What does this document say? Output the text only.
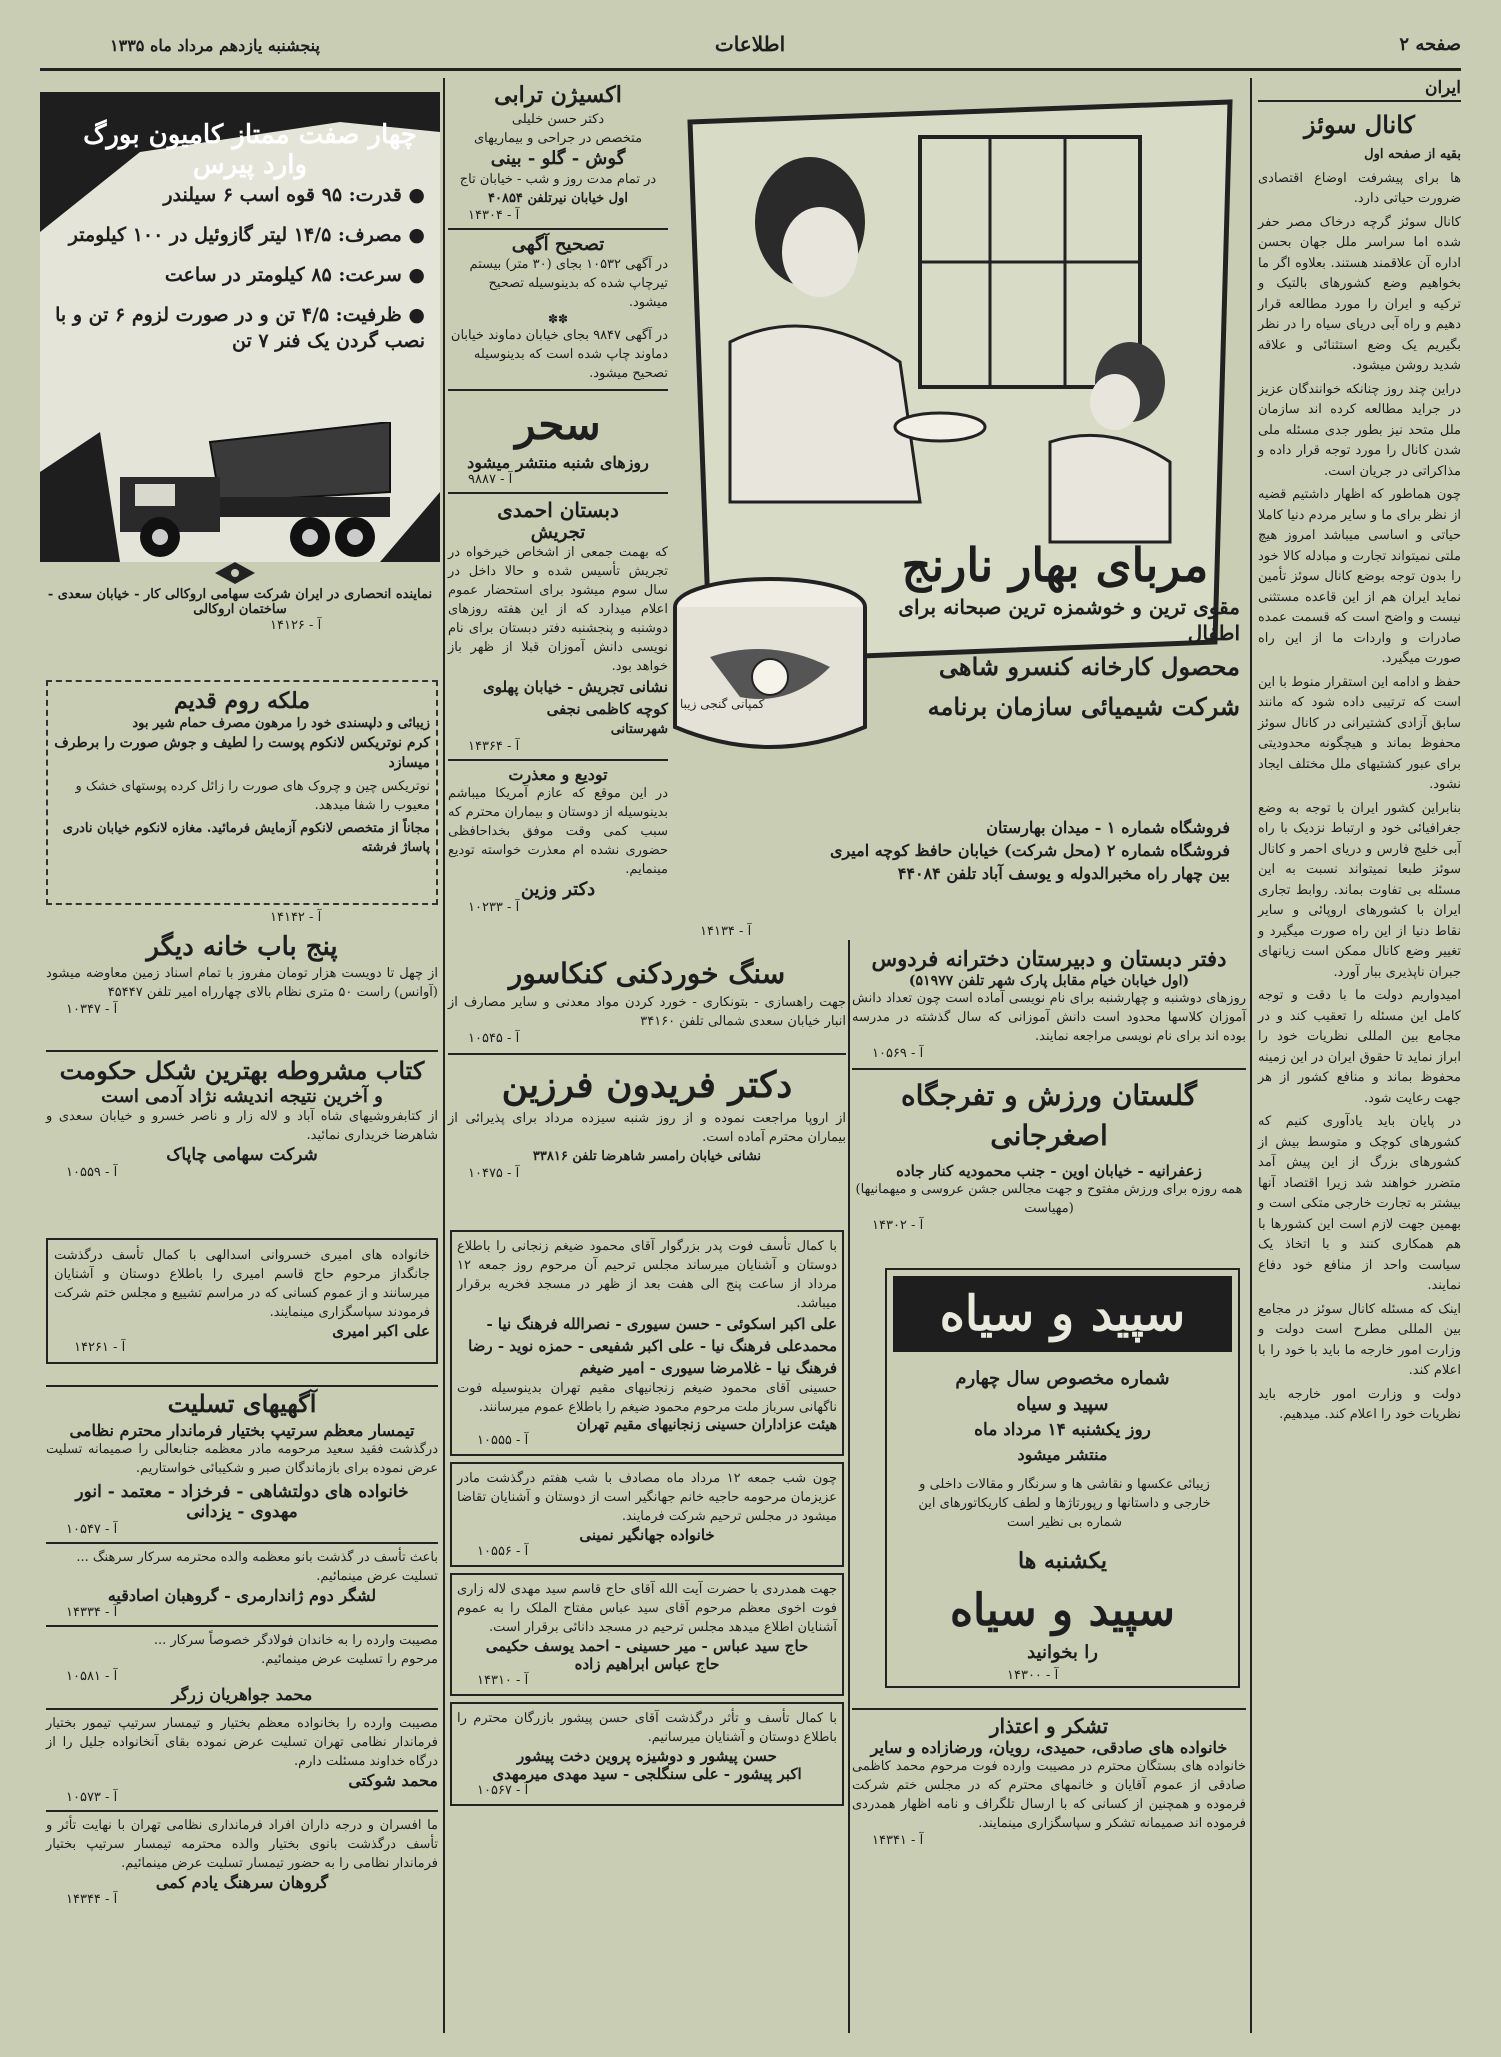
صفحه ۲
اطلاعات
پنجشنبه یازدهم مرداد ماه ۱۳۳۵
ایران
کانال سوئز

بقیه از صفحه اول

ها برای پیشرفت اوضاع اقتصادی ضرورت حیاتی دارد.

کانال سوئز گرچه درخاک مصر حفر شده اما سراسر ملل جهان بحسن اداره آن علاقمند هستند. بعلاوه اگر ما بخواهیم وضع کشورهای بالتیک و ترکیه و ایران را مورد مطالعه قرار دهیم و راه آبی دریای سیاه را در نظر بگیریم یک وضع استثنائی و علاقه شدید روشن میشود.

دراین چند روز چنانکه خوانندگان عزیز در جراید مطالعه کرده اند سازمان ملل متحد نیز بطور جدی مسئله ملی شدن کانال را مورد توجه قرار داده و مذاکراتی در جریان است.

چون هماطور که اظهار داشتیم قضیه از نظر برای ما و سایر مردم دنیا کاملا حیاتی و اساسی میباشد امروز هیچ ملتی نمیتواند تجارت و مبادله کالا خود را بدون توجه بوضع کانال سوئز تأمین نماید ایران هم از این قاعده مستثنی نیست و واضح است که قسمت عمده صادرات و واردات ما از این راه صورت میگیرد.

حفظ و ادامه این استقرار منوط با این است که ترتیبی داده شود که مانند سابق آزادی کشتیرانی در کانال سوئز محفوظ بماند و هیچگونه محدودیتی برای عبور کشتیهای ملل مختلف ایجاد نشود.

بنابراین کشور ایران با توجه به وضع جغرافیائی خود و ارتباط نزدیک با راه آبی خلیج فارس و دریای احمر و کانال سوئز طبعا نمیتواند نسبت به این مسئله بی تفاوت بماند. روابط تجاری ایران با کشورهای اروپائی و سایر نقاط دنیا از این راه صورت میگیرد و تغییر وضع کانال ممکن است زیانهای جبران ناپذیری ببار آورد.

امیدواریم دولت ما با دقت و توجه کامل این مسئله را تعقیب کند و در مجامع بین المللی نظریات خود را ابراز نماید تا حقوق ایران در این زمینه محفوظ بماند و منافع کشور از هر جهت رعایت شود.

در پایان باید یادآوری کنیم که کشورهای کوچک و متوسط بیش از کشورهای بزرگ از این پیش آمد متضرر خواهند شد زیرا اقتصاد آنها بیشتر به تجارت خارجی متکی است و بهمین جهت لازم است این کشورها با هم همکاری کنند و با اتخاذ یک سیاست واحد از منافع خود دفاع نمایند.

اینک که مسئله کانال سوئز در مجامع بین المللی مطرح است دولت و وزارت امور خارجه ما باید با خود را با اعلام کند.

دولت و وزارت امور خارجه باید نظریات خود را اعلام کند. میدهیم.

مربای بهار نارنج
کمپانی گنجی زیبا
مقوی ترین و خوشمزه ترین صبحانه برای اطفال
محصول کارخانه کنسرو شاهی
شرکت شیمیائی سازمان برنامه
فروشگاه شماره ۱ - میدان بهارستان
فروشگاه شماره ۲ (محل شرکت) خیابان حافظ کوچه امیری
بین چهار راه مخبرالدوله و یوسف آباد تلفن ۴۴۰۸۴
آ - ۱۴۱۳۴
اکسیژن ترابی
دکتر حسن خلیلی
متخصص در جراحی و بیماریهای
گوش - گلو - بینی
در تمام مدت روز و شب - خیابان تاج
اول خیابان نیرتلفن ۴۰۸۵۴
آ - ۱۴۳۰۴
تصحیح آگهی
در آگهی ۱۰۵۳۲ بجای (۳۰ متر) بیستم تیرچاپ شده که بدینوسیله تصحیح میشود.
✽✽
در آگهی ۹۸۴۷ بجای خیابان دماوند خیابان دماوند چاپ شده است که بدینوسیله تصحیح میشود.
سحر
روزهای شنبه منتشر میشود
آ - ۹۸۸۷
دبستان احمدی
تجریش
که بهمت جمعی از اشخاص خیرخواه در تجریش تأسیس شده و حالا داخل در سال سوم میشود برای استحضار عموم اعلام میدارد که از این هفته روزهای دوشنبه و پنجشنبه دفتر دبستان برای نام نویسی دانش آموزان قبلا از ظهر باز خواهد بود.
نشانی تجریش - خیابان پهلوی کوچه کاظمی نجفی
شهرستانی
آ - ۱۴۳۶۴
تودیع و معذرت
در این موقع که عازم آمریکا میباشم بدینوسیله از دوستان و بیماران محترم که سبب کمی وقت موفق بخداحافظی حضوری نشده ام معذرت خواسته تودیع مینمایم.
دکتر وزین
آ - ۱۰۲۳۳
چهار صفت ممتاز کامیون بورگ وارد پیرس
● قدرت: ۹۵ قوه اسب ۶ سیلندر
● مصرف: ۱۴/۵ لیتر گازوئیل در ۱۰۰ کیلومتر
● سرعت: ۸۵ کیلومتر در ساعت
● ظرفیت: ۴/۵ تن و در صورت لزوم ۶ تن و با نصب گردن یک فنر ۷ تن
نماینده انحصاری در ایران شرکت سهامی اروکالی کار - خیابان سعدی - ساختمان اروکالی
آ - ۱۴۱۲۶
ملکه روم قدیم
زیبائی و دلپسندی خود را مرهون مصرف حمام شیر بود
کرم نوتریکس لانکوم پوست را لطیف و جوش صورت را برطرف میسازد
نوتریکس چین و چروک های صورت را زائل کرده پوستهای خشک و معیوب را شفا میدهد.
مجاناً از متخصص لانکوم آزمایش فرمائید. مغازه لانکوم خیابان نادری پاساژ فرشته
آ - ۱۴۱۴۲
پنج باب خانه دیگر
از چهل تا دویست هزار تومان مفروز با تمام اسناد زمین معاوضه میشود (آوانس) راست ۵۰ متری نظام بالای چهارراه امیر تلفن ۴۵۴۴۷
آ - ۱۰۳۴۷
کتاب مشروطه بهترین شکل حکومت
و آخرین نتیجه اندیشه نژاد آدمی است
از کتابفروشیهای شاه آباد و لاله زار و ناصر خسرو و خیابان سعدی و شاهرضا خریداری نمائید.
شرکت سهامی چاپاک
آ - ۱۰۵۵۹
خانواده های امیری خسروانی اسدالهی با کمال تأسف درگذشت جانگداز مرحوم حاج قاسم امیری را باطلاع دوستان و آشنایان میرسانند و از عموم کسانی که در مراسم تشییع و مجلس ختم شرکت فرمودند سپاسگزاری مینمایند.
علی اکبر امیری
آ - ۱۴۲۶۱
آگهیهای تسلیت
تیمسار معظم سرتیپ بختیار فرماندار محترم نظامی
درگذشت فقید سعید مرحومه مادر معظمه جنابعالی را صمیمانه تسلیت عرض نموده برای بازماندگان صبر و شکیبائی خواستاریم.
خانواده های دولتشاهی - فرخزاد - معتمد - انور
مهدوی - یزدانی
آ - ۱۰۵۴۷
باعث تأسف در گذشت بانو معظمه والده محترمه سرکار سرهنگ ... تسلیت عرض مینمائیم.
لشگر دوم ژاندارمری - گروهبان اصادقیه
آ - ۱۴۳۳۴
مصیبت وارده را به خاندان فولادگر خصوصاً سرکار ...
مرحوم را تسلیت عرض مینمائیم.
آ - ۱۰۵۸۱
محمد جواهریان زرگر
مصیبت وارده را بخانواده معظم بختیار و تیمسار سرتیپ تیمور بختیار فرماندار نظامی تهران تسلیت عرض نموده بقای آنخانواده جلیل را از درگاه خداوند مسئلت دارم.
محمد شوکتی
آ - ۱۰۵۷۳
ما افسران و درجه داران افراد فرمانداری نظامی تهران با نهایت تأثر و تأسف درگذشت بانوی بختیار والده محترمه تیمسار سرتیپ بختیار فرماندار نظامی را به حضور تیمسار تسلیت عرض مینمائیم.
گروهان سرهنگ یادم کمی
آ - ۱۴۳۴۴
سنگ خوردکنی کنکاسور
جهت راهسازی - بتونکاری - خورد کردن مواد معدنی و سایر مصارف از انبار خیابان سعدی شمالی تلفن ۳۴۱۶۰
آ - ۱۰۵۴۵
دکتر فریدون فرزین
از اروپا مراجعت نموده و از روز شنبه سیزده مرداد برای پذیرائی از بیماران محترم آماده است.
نشانی خیابان رامسر شاهرضا تلفن ۳۳۸۱۶
آ - ۱۰۴۷۵
با کمال تأسف فوت پدر بزرگوار آقای محمود ضیغم زنجانی را باطلاع دوستان و آشنایان میرساند مجلس ترحیم آن مرحوم روز جمعه ۱۲ مرداد از ساعت پنج الی هفت بعد از ظهر در مسجد فخریه برقرار میباشد.
علی اکبر اسکوئی - حسن سیوری - نصرالله فرهنگ نیا - محمدعلی فرهنگ نیا - علی اکبر شفیعی - حمزه نوید - رضا فرهنگ نیا - غلامرضا سیوری - امیر ضیغم
حسینی آقای محمود ضیغم زنجانیهای مقیم تهران بدینوسیله فوت ناگهانی سرباز ملت مرحوم محمود ضیغم را باطلاع عموم میرسانند.
هیئت عزاداران حسینی زنجانیهای مقیم تهران
آ - ۱۰۵۵۵
چون شب جمعه ۱۲ مرداد ماه مصادف با شب هفتم درگذشت مادر عزیزمان مرحومه حاجیه خانم جهانگیر است از دوستان و آشنایان تقاضا میشود در مجلس ترحیم شرکت فرمایند.
خانواده جهانگیر نمینی
آ - ۱۰۵۵۶
جهت همدردی با حضرت آیت الله آقای حاج قاسم سید مهدی لاله زاری فوت اخوی معظم مرحوم آقای سید عباس مفتاح الملک را به عموم آشنایان اطلاع میدهد مجلس ترحیم در مسجد دانائی برقرار است.
حاج سید عباس - میر حسینی - احمد یوسف حکیمی
حاج عباس ابراهیم زاده
آ - ۱۴۳۱۰
با کمال تأسف و تأثر درگذشت آقای حسن پیشور بازرگان محترم را باطلاع دوستان و آشنایان میرسانیم.
حسن پیشور و دوشیزه پروین دخت پیشور
اکبر پیشور - علی سنگلجی - سید مهدی میرمهدی
آ - ۱۰۵۶۷
دفتر دبستان و دبیرستان دخترانه فردوس
(اول خیابان خیام مقابل پارک شهر تلفن ۵۱۹۷۷)
روزهای دوشنبه و چهارشنبه برای نام نویسی آماده است چون تعداد دانش آموزان کلاسها محدود است دانش آموزانی که سال گذشته در مدرسه بوده اند برای نام نویسی مراجعه نمایند.
آ - ۱۰۵۶۹
گلستان ورزش و تفرجگاه اصغرجانی
زعفرانیه - خیابان اوین - جنب محمودیه کنار جاده
(همه روزه برای ورزش مفتوح و جهت مجالس جشن عروسی و میهمانیها مهیاست)
آ - ۱۴۳۰۲
سپید و سیاه
شماره مخصوص سال چهارم
سپید و سیاه
روز یکشنبه ۱۴ مرداد ماه
منتشر میشود
زیبائی عکسها و نقاشی ها و سرنگار و مقالات داخلی و خارجی و داستانها و رپورتاژها و لطف کاریکاتورهای این شماره بی نظیر است
یکشنبه ها
سپید و سیاه
را بخوانید
آ - ۱۴۳۰۰
تشکر و اعتذار
خانواده های صادقی، حمیدی، رویان، ورضازاده و سایر
خانواده های بستگان محترم در مصیبت وارده فوت مرحوم محمد کاظمی صادقی از عموم آقایان و خانمهای محترم که در مجلس ختم شرکت فرموده و همچنین از کسانی که با ارسال تلگراف و نامه اظهار همدردی فرموده اند صمیمانه تشکر و سپاسگزاری مینمایند.
آ - ۱۴۳۴۱
